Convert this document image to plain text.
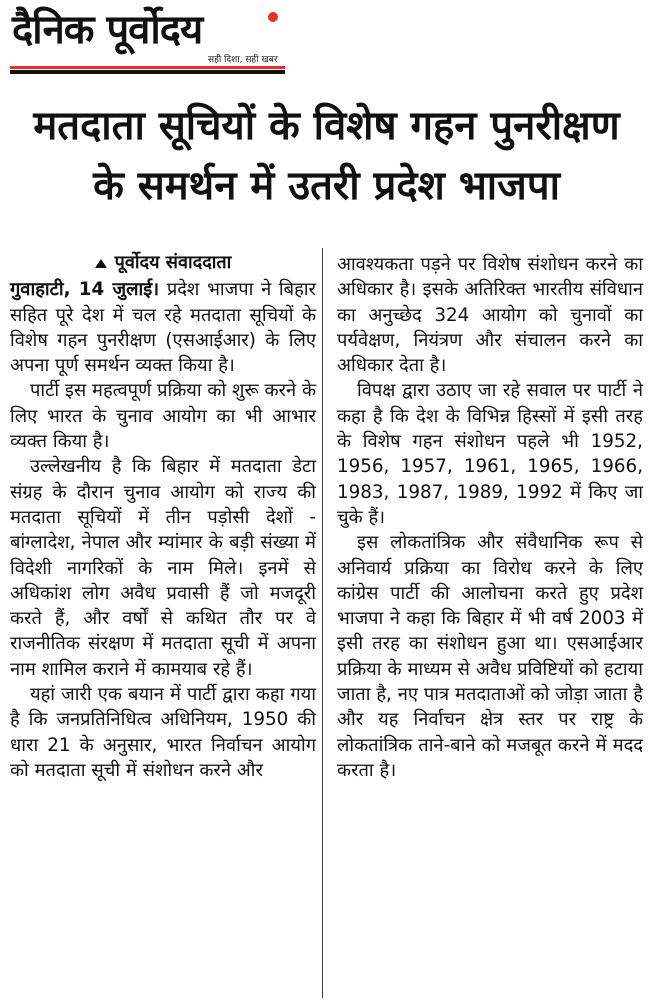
दैनिक पूर्वोदय
सही दिशा, सही खबर
मतदाता सूचियों के विशेष गहन पुनरीक्षण
के समर्थन में उतरी प्रदेश भाजपा
पूर्वोदय संवाददाता

गुवाहाटी, 14 जुलाई। प्रदेश भाजपा ने बिहार सहित पूरे देश में चल रहे मतदाता सूचियों के विशेष गहन पुनरीक्षण (एसआईआर) के लिए अपना पूर्ण समर्थन व्यक्त किया है।

पार्टी इस महत्वपूर्ण प्रक्रिया को शुरू करने के लिए भारत के चुनाव आयोग का भी आभार व्यक्त किया है।

उल्लेखनीय है कि बिहार में मतदाता डेटा संग्रह के दौरान चुनाव आयोग को राज्य की मतदाता सूचियों में तीन पड़ोसी देशों - बांग्लादेश, नेपाल और म्यांमार के बड़ी संख्या में विदेशी नागरिकों के नाम मिले। इनमें से अधिकांश लोग अवैध प्रवासी हैं जो मजदूरी करते हैं, और वर्षों से कथित तौर पर वे राजनीतिक संरक्षण में मतदाता सूची में अपना नाम शामिल कराने में कामयाब रहे हैं।

यहां जारी एक बयान में पार्टी द्वारा कहा गया है कि जनप्रतिनिधित्व अधिनियम, 1950 की धारा 21 के अनुसार, भारत निर्वाचन आयोग को मतदाता सूची में संशोधन करने और

आवश्यकता पड़ने पर विशेष संशोधन करने का अधिकार है। इसके अतिरिक्त भारतीय संविधान का अनुच्छेद 324 आयोग को चुनावों का पर्यवेक्षण, नियंत्रण और संचालन करने का अधिकार देता है।

विपक्ष द्वारा उठाए जा रहे सवाल पर पार्टी ने कहा है कि देश के विभिन्न हिस्सों में इसी तरह के विशेष गहन संशोधन पहले भी 1952, 1956, 1957, 1961, 1965, 1966, 1983, 1987, 1989, 1992 में किए जा चुके हैं।

इस लोकतांत्रिक और संवैधानिक रूप से अनिवार्य प्रक्रिया का विरोध करने के लिए कांग्रेस पार्टी की आलोचना करते हुए प्रदेश भाजपा ने कहा कि बिहार में भी वर्ष 2003 में इसी तरह का संशोधन हुआ था। एसआईआर प्रक्रिया के माध्यम से अवैध प्रविष्टियों को हटाया जाता है, नए पात्र मतदाताओं को जोड़ा जाता है और यह निर्वाचन क्षेत्र स्तर पर राष्ट्र के लोकतांत्रिक ताने-बाने को मजबूत करने में मदद करता है।
